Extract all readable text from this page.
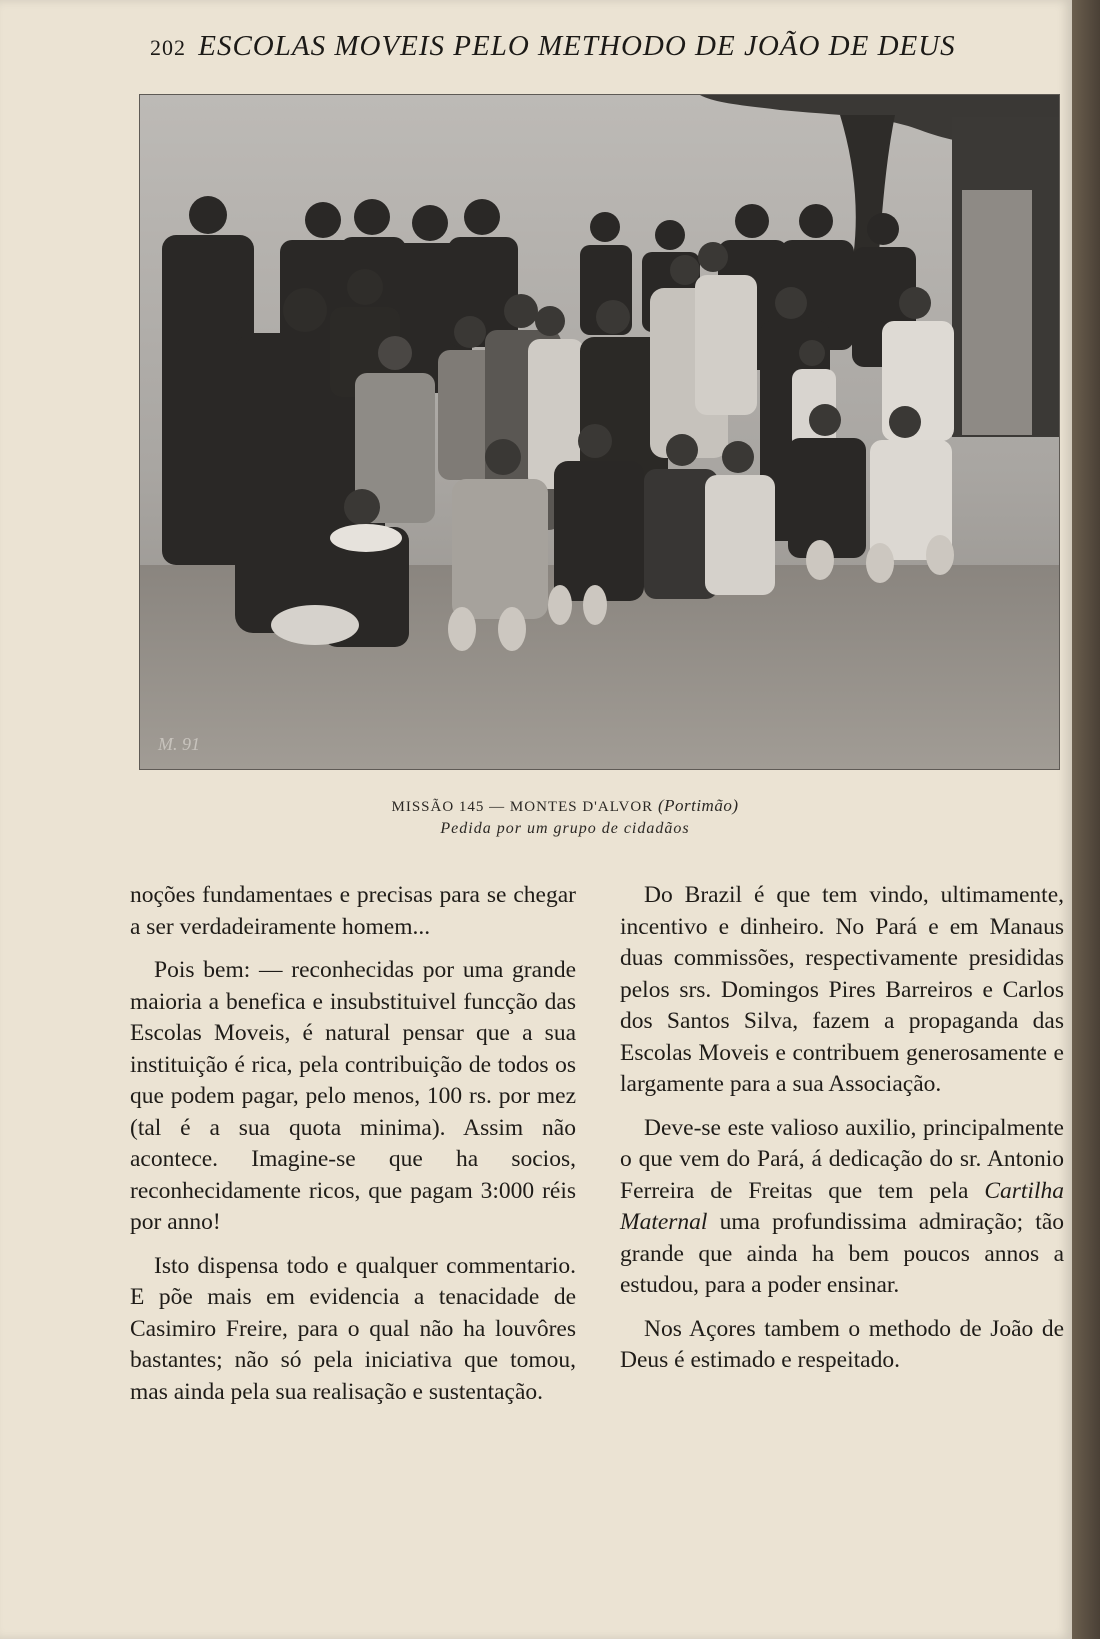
202 ESCOLAS MOVEIS PELO METHODO DE JOÃO DE DEUS
M. 91
MISSÃO 145 — MONTES D'ALVOR (Portimão)
Pedida por um grupo de cidadãos

noções fundamentaes e precisas para se chegar a ser verdadeiramente homem...

Pois bem: — reconhecidas por uma grande maioria a benefica e insubstituivel funcção das Escolas Moveis, é natural pensar que a sua instituição é rica, pela contribuição de todos os que podem pagar, pelo menos, 100 rs. por mez (tal é a sua quota minima). Assim não acontece. Imagine-se que ha socios, reconhecidamente ricos, que pagam 3:000 réis por anno!

Isto dispensa todo e qualquer commentario. E põe mais em evidencia a tenacidade de Casimiro Freire, para o qual não ha louvôres bastantes; não só pela iniciativa que tomou, mas ainda pela sua realisação e sustentação.

Do Brazil é que tem vindo, ultimamente, incentivo e dinheiro. No Pará e em Manaus duas commissões, respectivamente presididas pelos srs. Domingos Pires Barreiros e Carlos dos Santos Silva, fazem a propaganda das Escolas Moveis e contribuem generosamente e largamente para a sua Associação.

Deve-se este valioso auxilio, principalmente o que vem do Pará, á dedicação do sr. Antonio Ferreira de Freitas que tem pela Cartilha Maternal uma profundissima admiração; tão grande que ainda ha bem poucos annos a estudou, para a poder ensinar.

Nos Açores tambem o methodo de João de Deus é estimado e respeitado.
